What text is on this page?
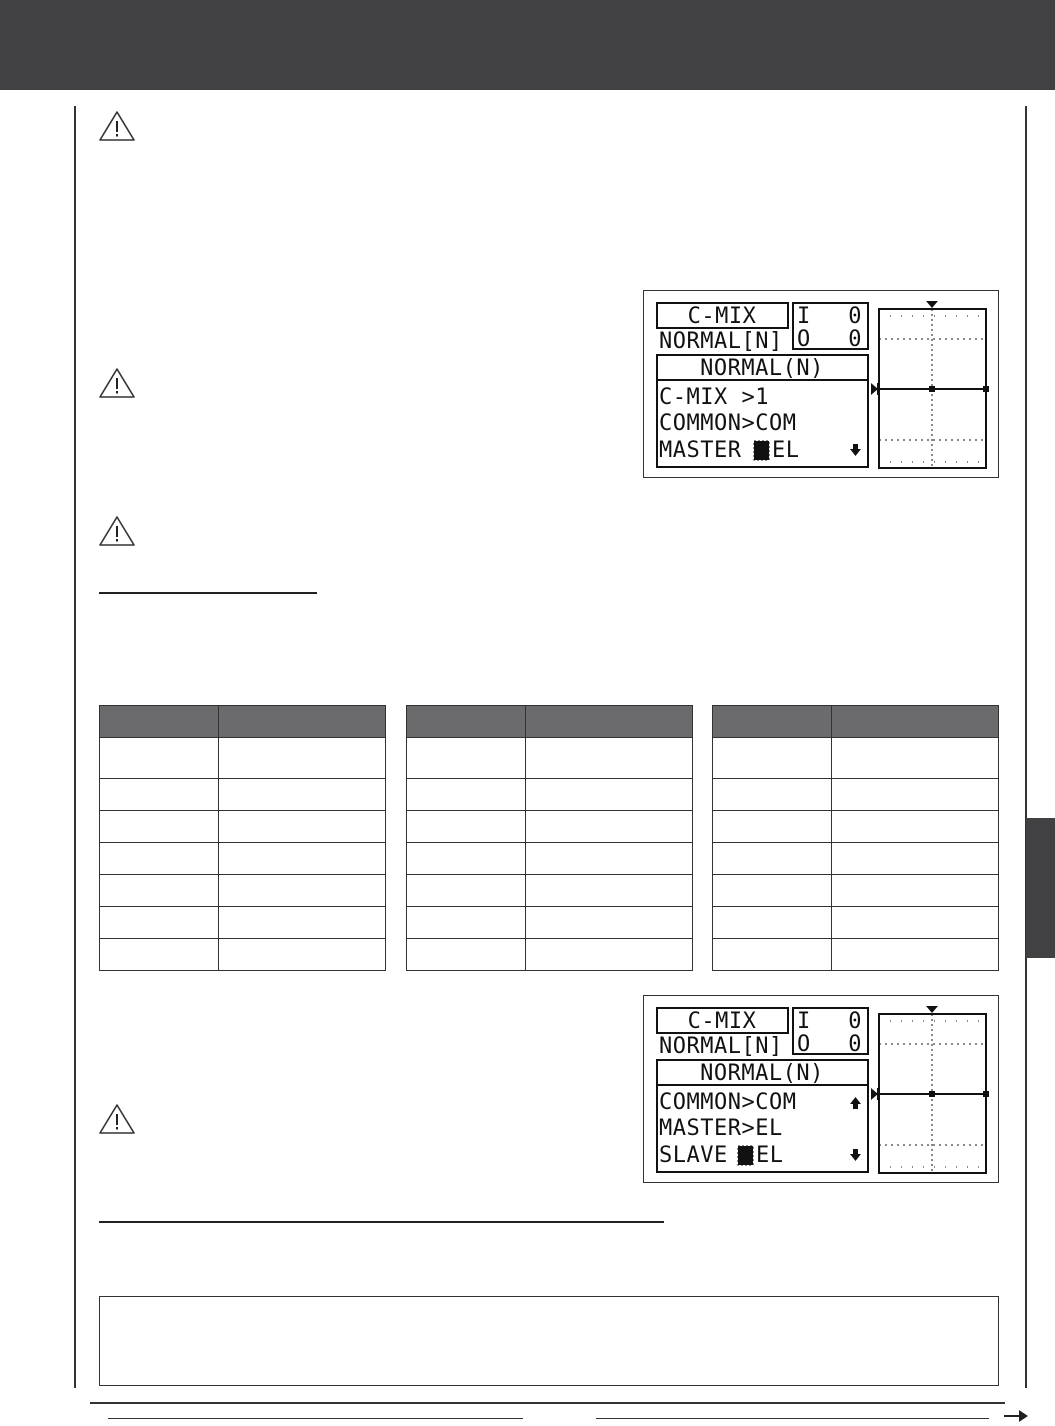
C-MIX
NORMAL[N]
I 0
O 0
NORMAL(N)
C-MIX >1
COMMON>COM
MASTER EL

C-MIX
NORMAL[N]
I 0
O 0
NORMAL(N)
COMMON>COM
MASTER>EL
SLAVE EL
